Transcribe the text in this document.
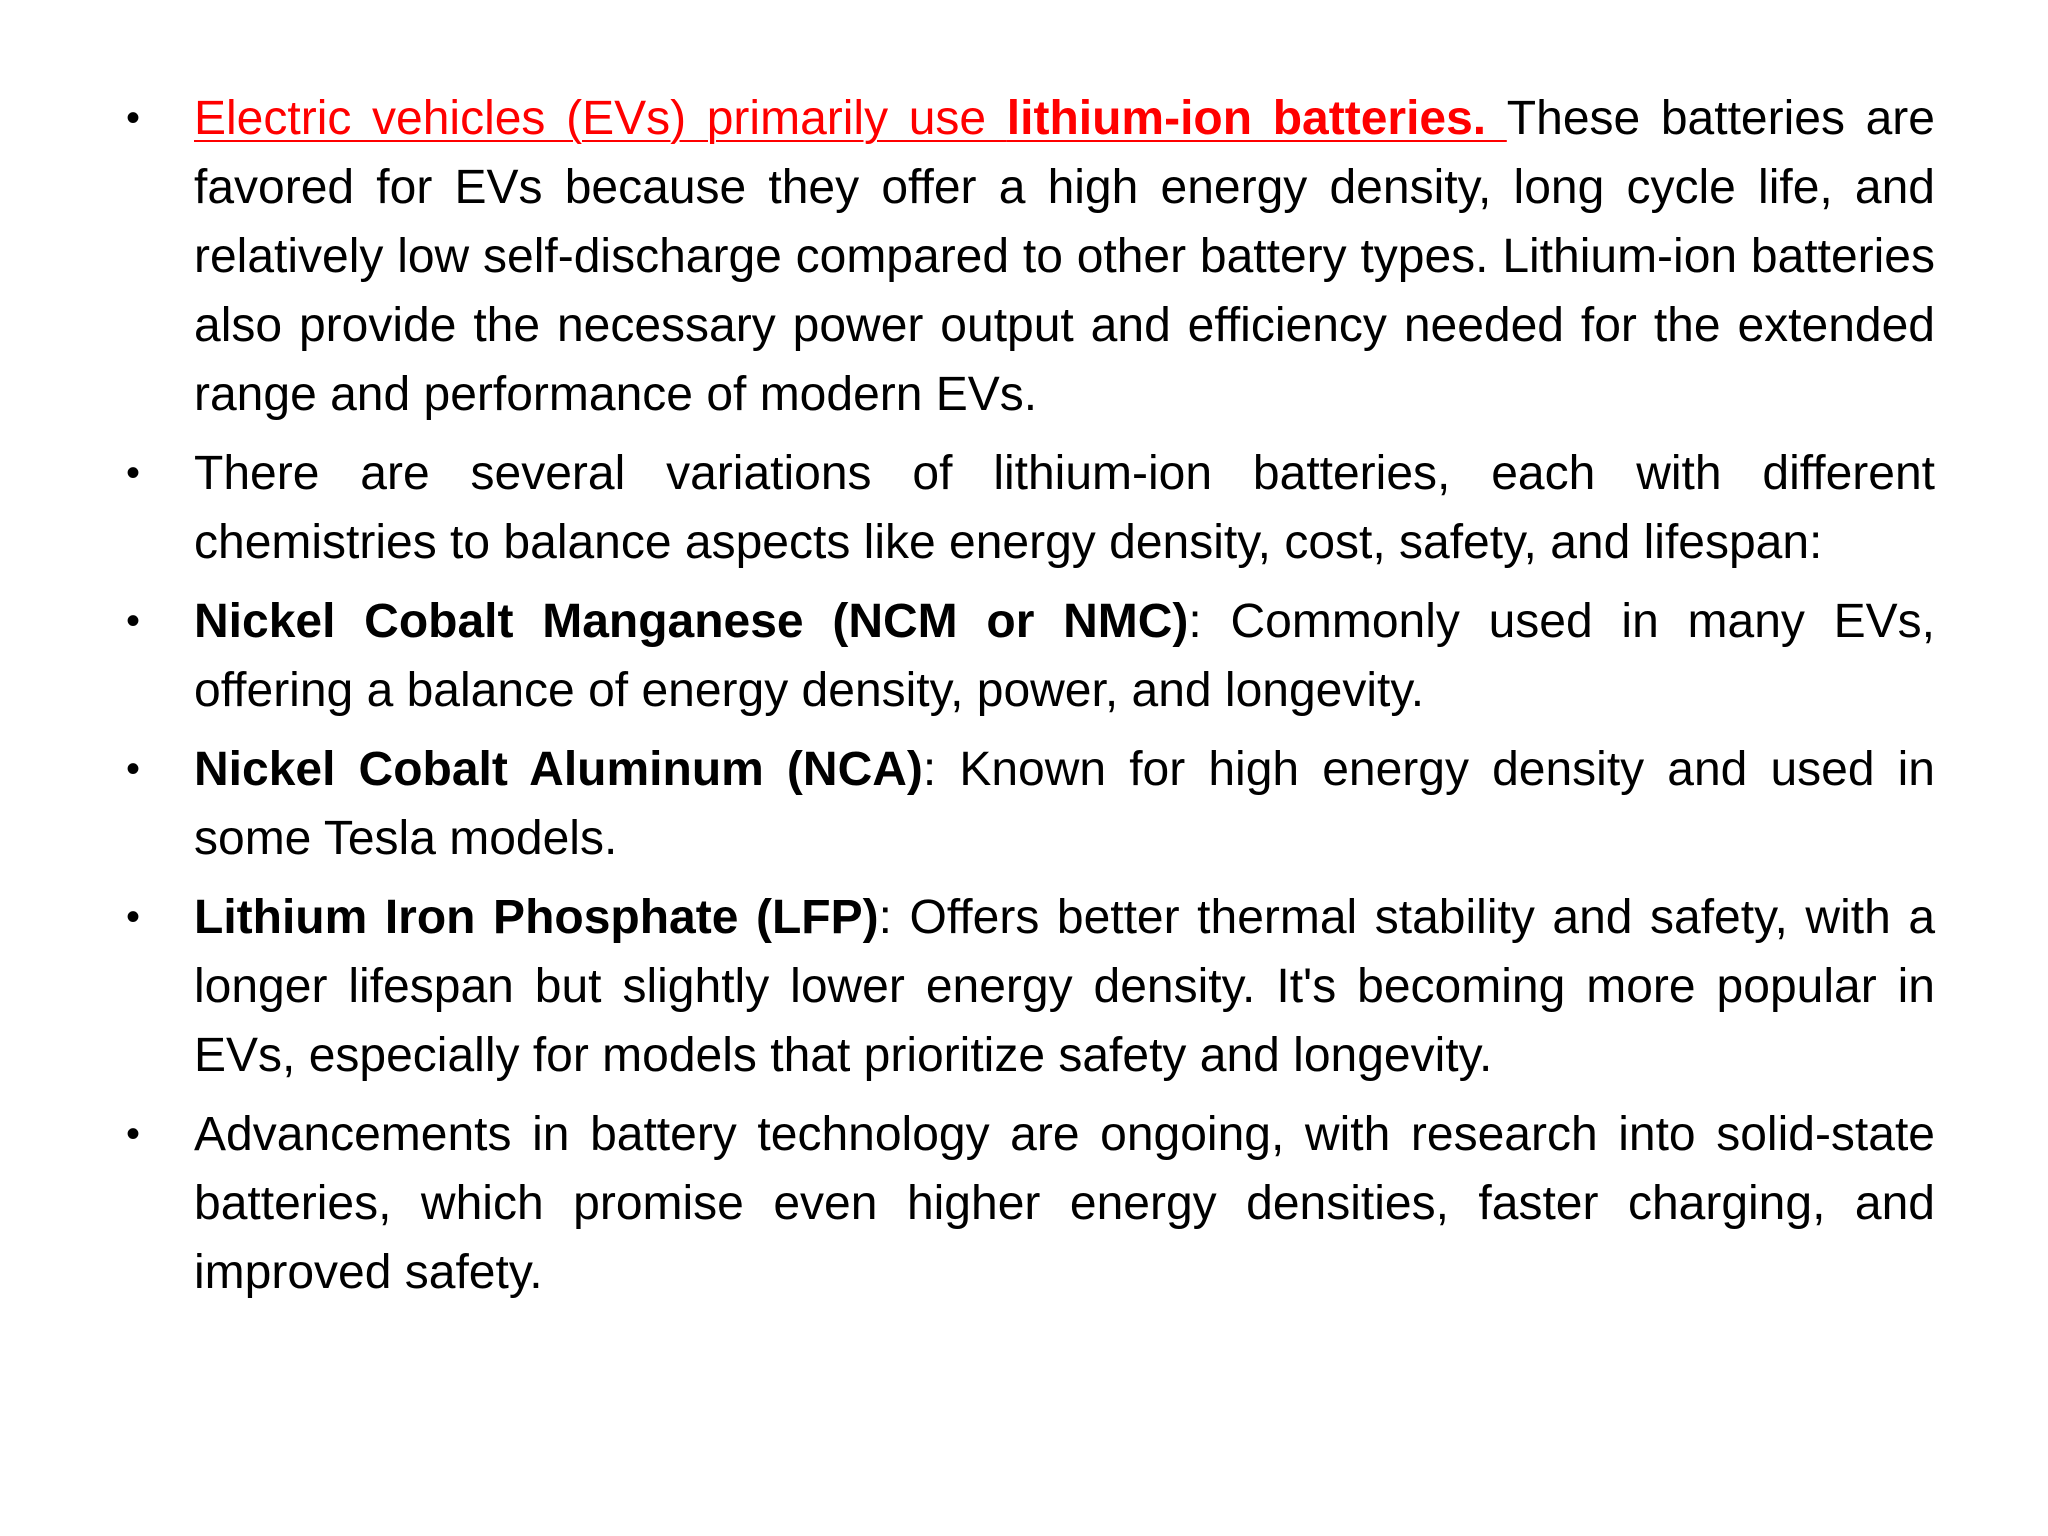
• Electric vehicles (EVs) primarily use lithium-ion batteries. These batteries are favored for EVs because they offer a high energy density, long cycle life, and relatively low self-discharge compared to other battery types. Lithium-ion batteries also provide the necessary power output and efficiency needed for the extended range and performance of modern EVs.
• There are several variations of lithium-ion batteries, each with different chemistries to balance aspects like energy density, cost, safety, and lifespan:
• Nickel Cobalt Manganese (NCM or NMC): Commonly used in many EVs, offering a balance of energy density, power, and longevity.
• Nickel Cobalt Aluminum (NCA): Known for high energy density and used in some Tesla models.
• Lithium Iron Phosphate (LFP): Offers better thermal stability and safety, with a longer lifespan but slightly lower energy density. It's becoming more popular in EVs, especially for models that prioritize safety and longevity.
• Advancements in battery technology are ongoing, with research into solid-state batteries, which promise even higher energy densities, faster charging, and improved safety.
